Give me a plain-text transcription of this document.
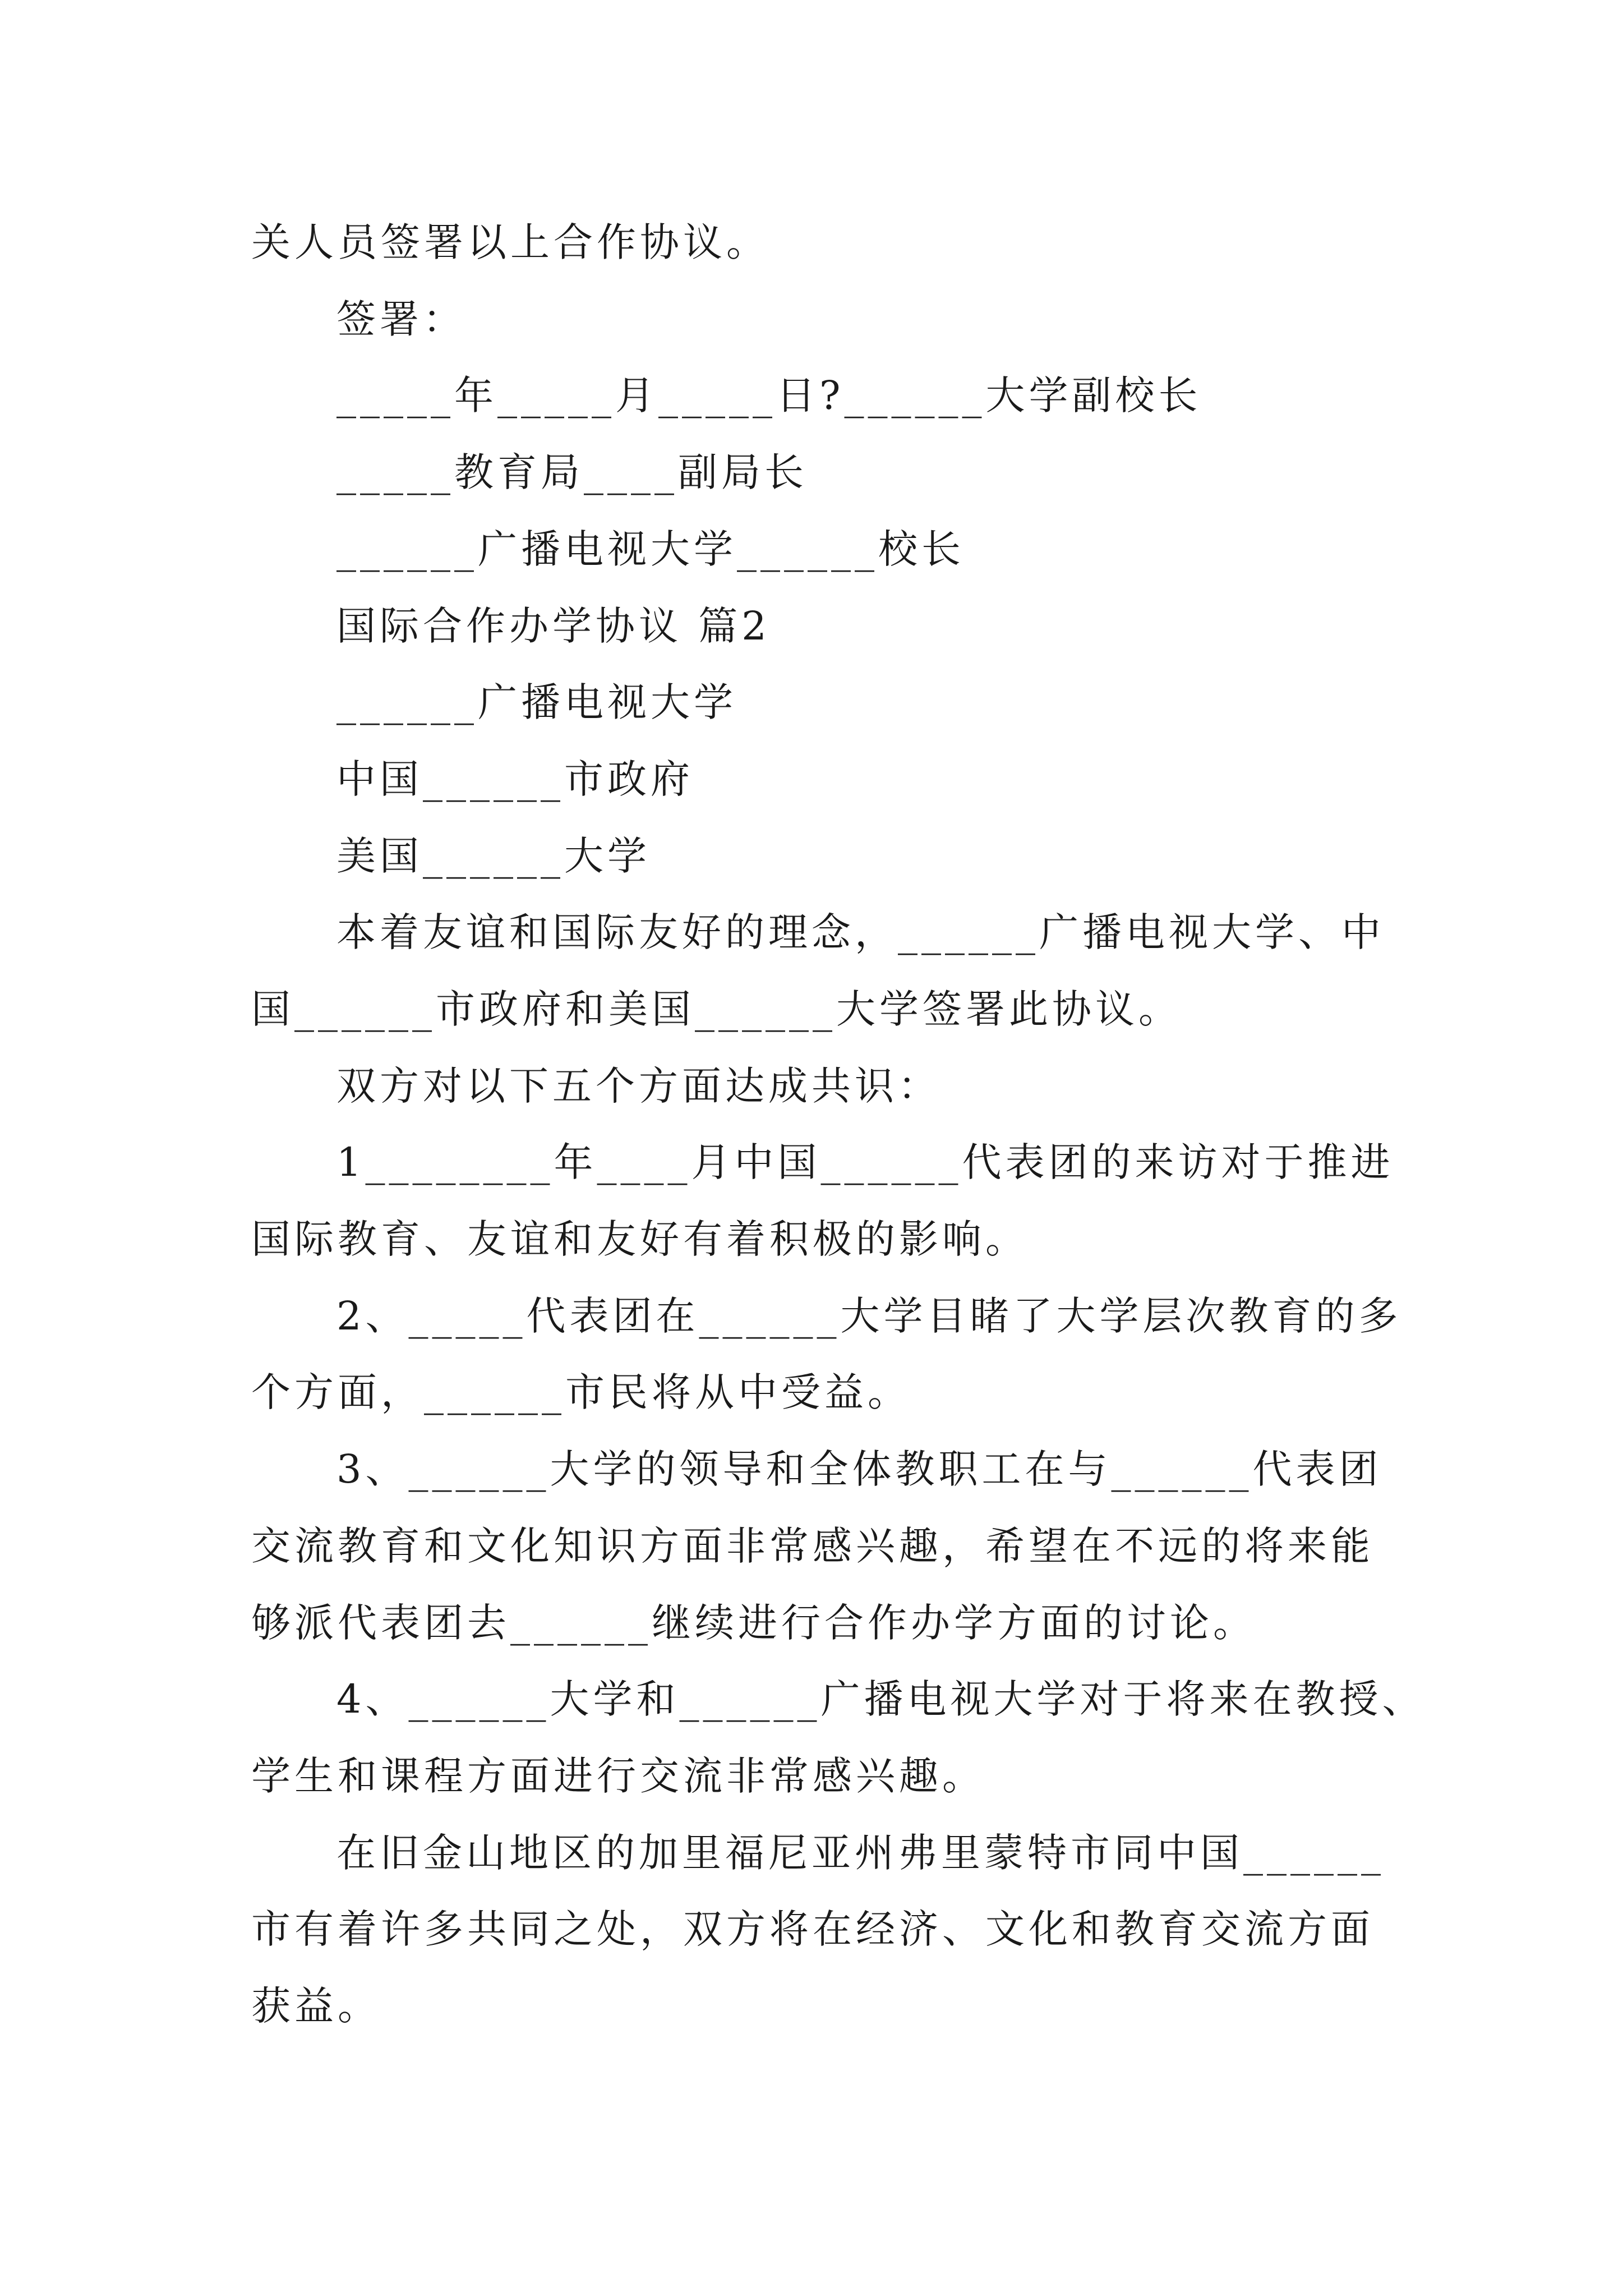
关人员签署以上合作协议。
签署：
_____年_____月_____日?______大学副校长
_____教育局____副局长
______广播电视大学______校长
国际合作办学协议 篇2
______广播电视大学
中国______市政府
美国______大学
本着友谊和国际友好的理念，______广播电视大学、中
国______市政府和美国______大学签署此协议。
双方对以下五个方面达成共识：
1________年____月中国______代表团的来访对于推进
国际教育、友谊和友好有着积极的影响。
2、_____代表团在______大学目睹了大学层次教育的多
个方面，______市民将从中受益。
3、______大学的领导和全体教职工在与______代表团
交流教育和文化知识方面非常感兴趣，希望在不远的将来能
够派代表团去______继续进行合作办学方面的讨论。
4、______大学和______广播电视大学对于将来在教授、
学生和课程方面进行交流非常感兴趣。
在旧金山地区的加里福尼亚州弗里蒙特市同中国______
市有着许多共同之处，双方将在经济、文化和教育交流方面
获益。
